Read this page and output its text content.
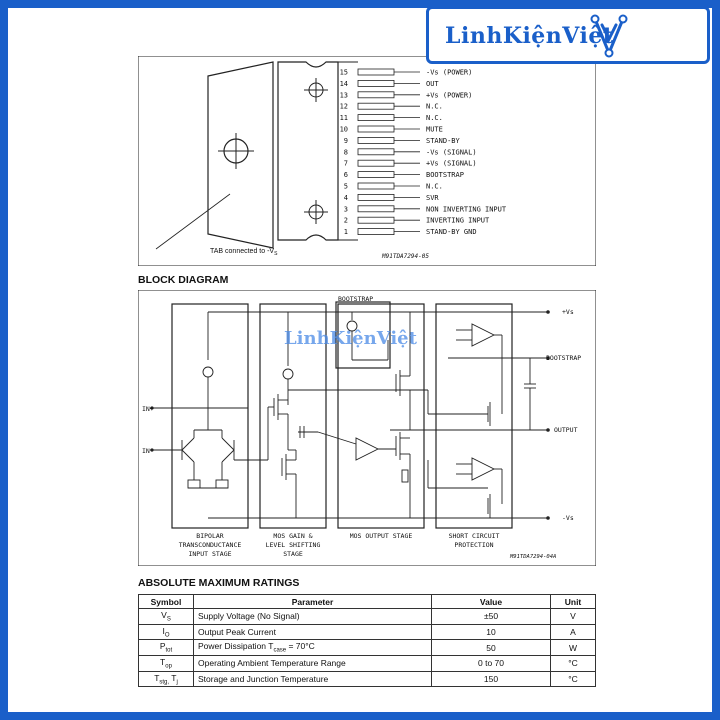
15	-Vs (POWER)
14	OUT
13	+Vs (POWER)
12	N.C.
11	N.C.
10	MUTE
9	STAND-BY
8	-Vs (SIGNAL)
7	+Vs (SIGNAL)
6	BOOTSTRAP
5	N.C.
4	SVR
3	NON INVERTING INPUT
2	INVERTING INPUT
1	STAND-BY GND
TAB connected to $-V_S$	M91TDA7294-05
BLOCK DIAGRAM
+Vs
BOOTSTRAP
BOOTSTRAP
OUTPUT
-Vs
IN+
IN-
BIPOLAR
TRANSCONDUCTANCE
INPUT STAGE
MOS GAIN &
LEVEL SHIFTING
STAGE
MOS OUTPUT STAGE	SHORT CIRCUIT
PROTECTION
M91TDA7294-04A
LinhKiệnViệt
ABSOLUTE MAXIMUM RATINGS
Symbol	Parameter	Value	Unit
$V_S$	Supply Voltage (No Signal)	±50	V
$I_O$	Output Peak Current	10	A
$P_{tot}$	Power Dissipation $T_{case} = 70^\circ C$	50	W
$T_{op}$	Operating Ambient Temperature Range	0 to 70	°C
$T_{stg,}$ $T_j$	Storage and Junction Temperature	150	°C
LinhKiệnViệt
